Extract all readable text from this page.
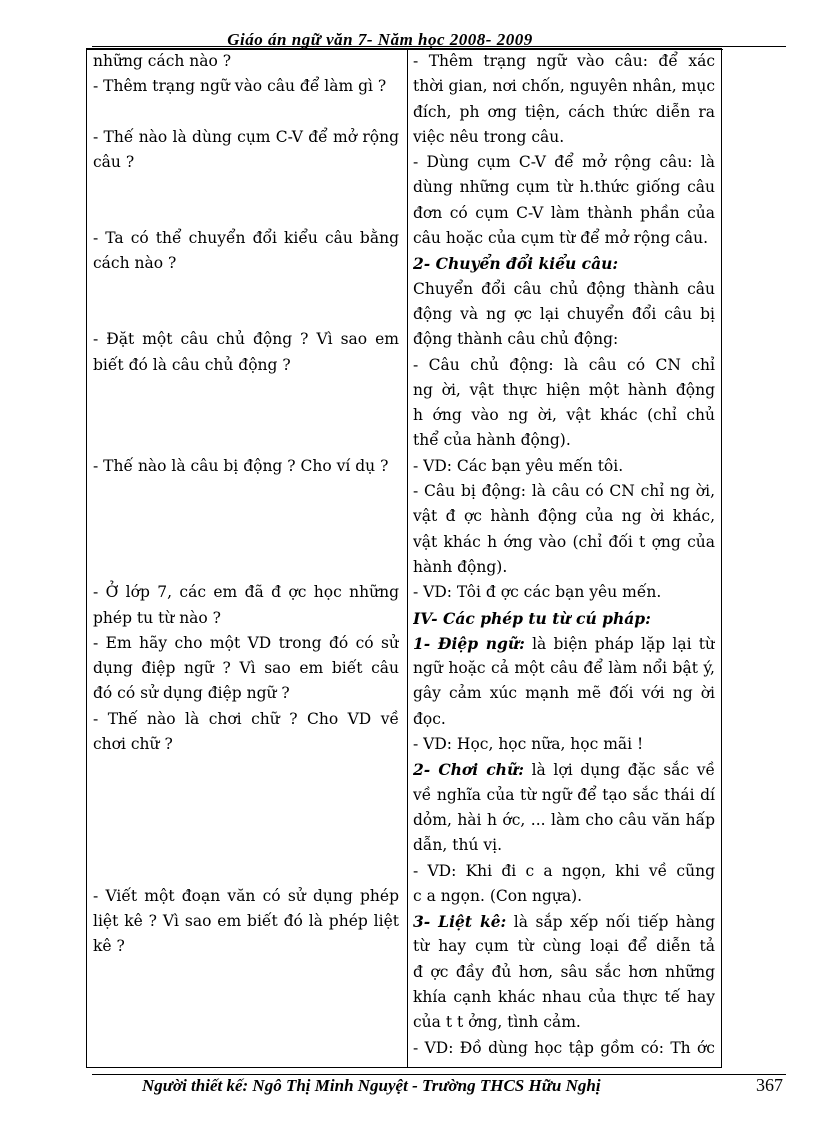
Giáo án ngữ văn 7- Năm học 2008- 2009
những cách nào ?
- Thêm trạng ngữ vào câu để làm gì ?
- Thế nào là dùng cụm C-V để mở rộng
câu ?
- Ta có thể chuyển đổi kiểu câu bằng
cách nào ?
- Đặt một câu chủ động ? Vì sao em
biết đó là câu chủ động ?
- Thế nào là câu bị động ? Cho ví dụ ?
- Ở lớp 7, các em đã đ ợc học những
phép tu từ nào ?
- Em hãy cho một VD trong đó có sử
dụng điệp ngữ ? Vì sao em biết câu
đó có sử dụng điệp ngữ ?
- Thế nào là chơi chữ ? Cho VD về
chơi chữ ?
- Viết một đoạn văn có sử dụng phép
liệt kê ? Vì sao em biết đó là phép liệt
kê ?
- Thêm trạng ngữ vào câu: để xác
thời gian, nơi chốn, nguyên nhân, mục
đích, ph ơng tiện, cách thức diễn ra
việc nêu trong câu.
- Dùng cụm C-V để mở rộng câu: là
dùng những cụm từ h.thức giống câu
đơn có cụm C-V làm thành phần của
câu hoặc của cụm từ để mở rộng câu.
2- Chuyển đổi kiểu câu:
Chuyển đổi câu chủ động thành câu
động và ng ợc lại chuyển đổi câu bị
động thành câu chủ động:
- Câu chủ động: là câu có CN chỉ
ng ời, vật thực hiện một hành động
h ớng vào ng ời, vật khác (chỉ chủ
thể của hành động).
- VD: Các bạn yêu mến tôi.
- Câu bị động: là câu có CN chỉ ng ời,
vật đ ợc hành động của ng ời khác,
vật khác h ớng vào (chỉ đối t ợng của
hành động).
- VD: Tôi đ ợc các bạn yêu mến.
IV- Các phép tu từ cú pháp:
1- Điệp ngữ: là biện pháp lặp lại từ
ngữ hoặc cả một câu để làm nổi bật ý,
gây cảm xúc mạnh mẽ đối với ng ời
đọc.
- VD: Học, học nữa, học mãi !
2- Chơi chữ: là lợi dụng đặc sắc về
về nghĩa của từ ngữ để tạo sắc thái dí
dỏm, hài h ớc, ... làm cho câu văn hấp
dẫn, thú vị.
- VD: Khi đi c a ngọn, khi về cũng
c a ngọn. (Con ngựa).
3- Liệt kê: là sắp xếp nối tiếp hàng
từ hay cụm từ cùng loại để diễn tả
đ ợc đầy đủ hơn, sâu sắc hơn những
khía cạnh khác nhau của thực tế hay
của t t ởng, tình cảm.
- VD: Đồ dùng học tập gồm có: Th ớc
Người thiết kế: Ngô Thị Minh Nguyệt - Trường THCS Hữu Nghị	367
